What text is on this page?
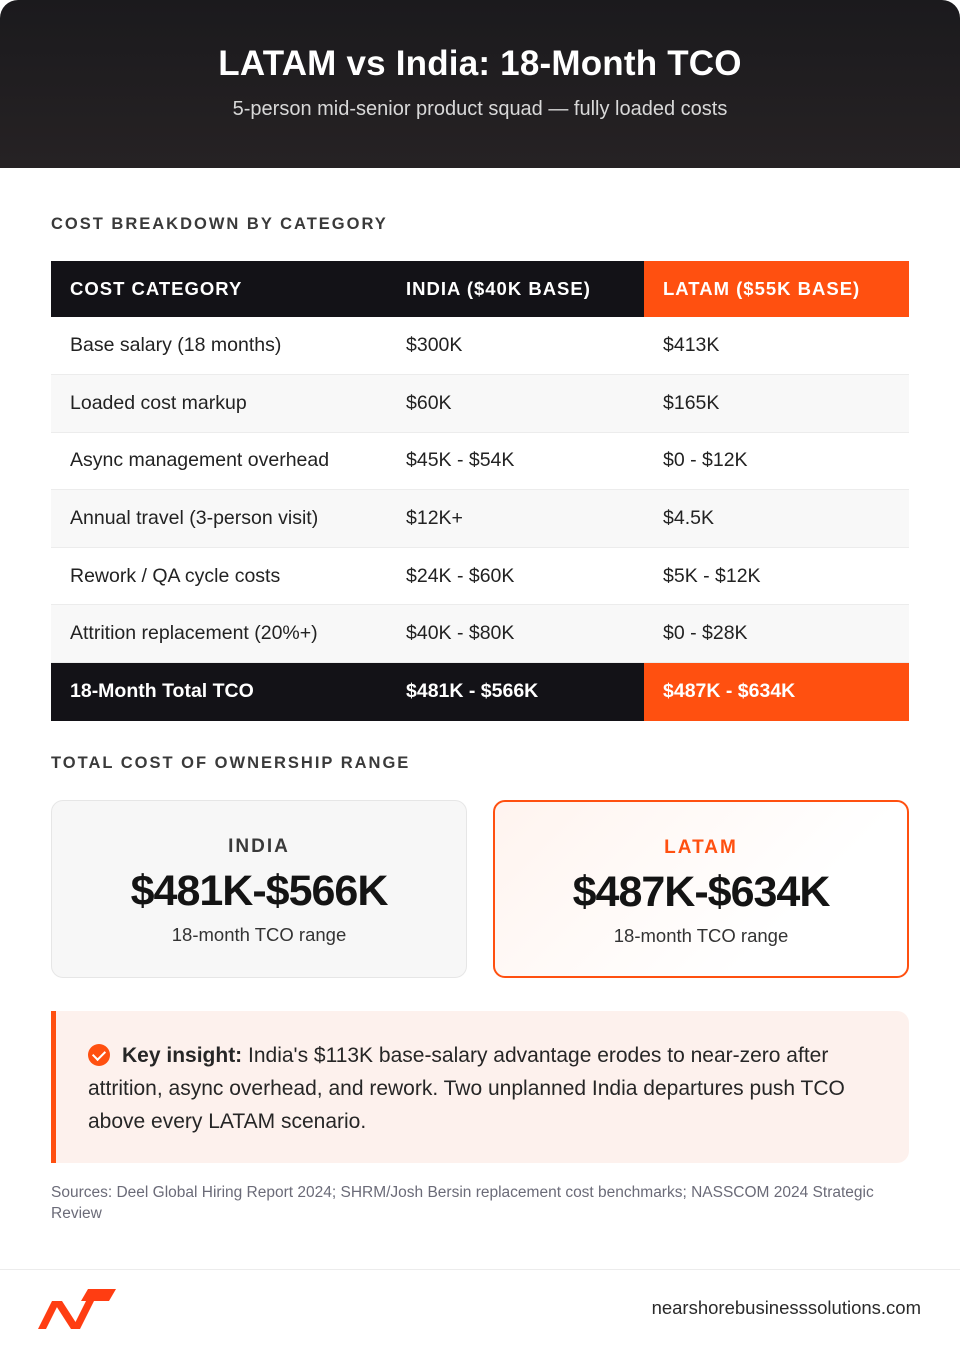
LATAM vs India: 18-Month TCO
5-person mid-senior product squad — fully loaded costs
COST BREAKDOWN BY CATEGORY
COST CATEGORY	INDIA ($40K BASE)	LATAM ($55K BASE)
Base salary (18 months)	$300K	$413K
Loaded cost markup	$60K	$165K
Async management overhead	$45K - $54K	$0 - $12K
Annual travel (3-person visit)	$12K+	$4.5K
Rework / QA cycle costs	$24K - $60K	$5K - $12K
Attrition replacement (20%+)	$40K - $80K	$0 - $28K
18-Month Total TCO	$481K - $566K	$487K - $634K
TOTAL COST OF OWNERSHIP RANGE
INDIA
$481K-$566K
18-month TCO range
LATAM
$487K-$634K
18-month TCO range
Key insight: India's $113K base-salary advantage erodes to near-zero after attrition, async overhead, and rework. Two unplanned India departures push TCO above every LATAM scenario.
Sources: Deel Global Hiring Report 2024; SHRM/Josh Bersin replacement cost benchmarks; NASSCOM 2024 Strategic Review
nearshorebusinesssolutions.com
